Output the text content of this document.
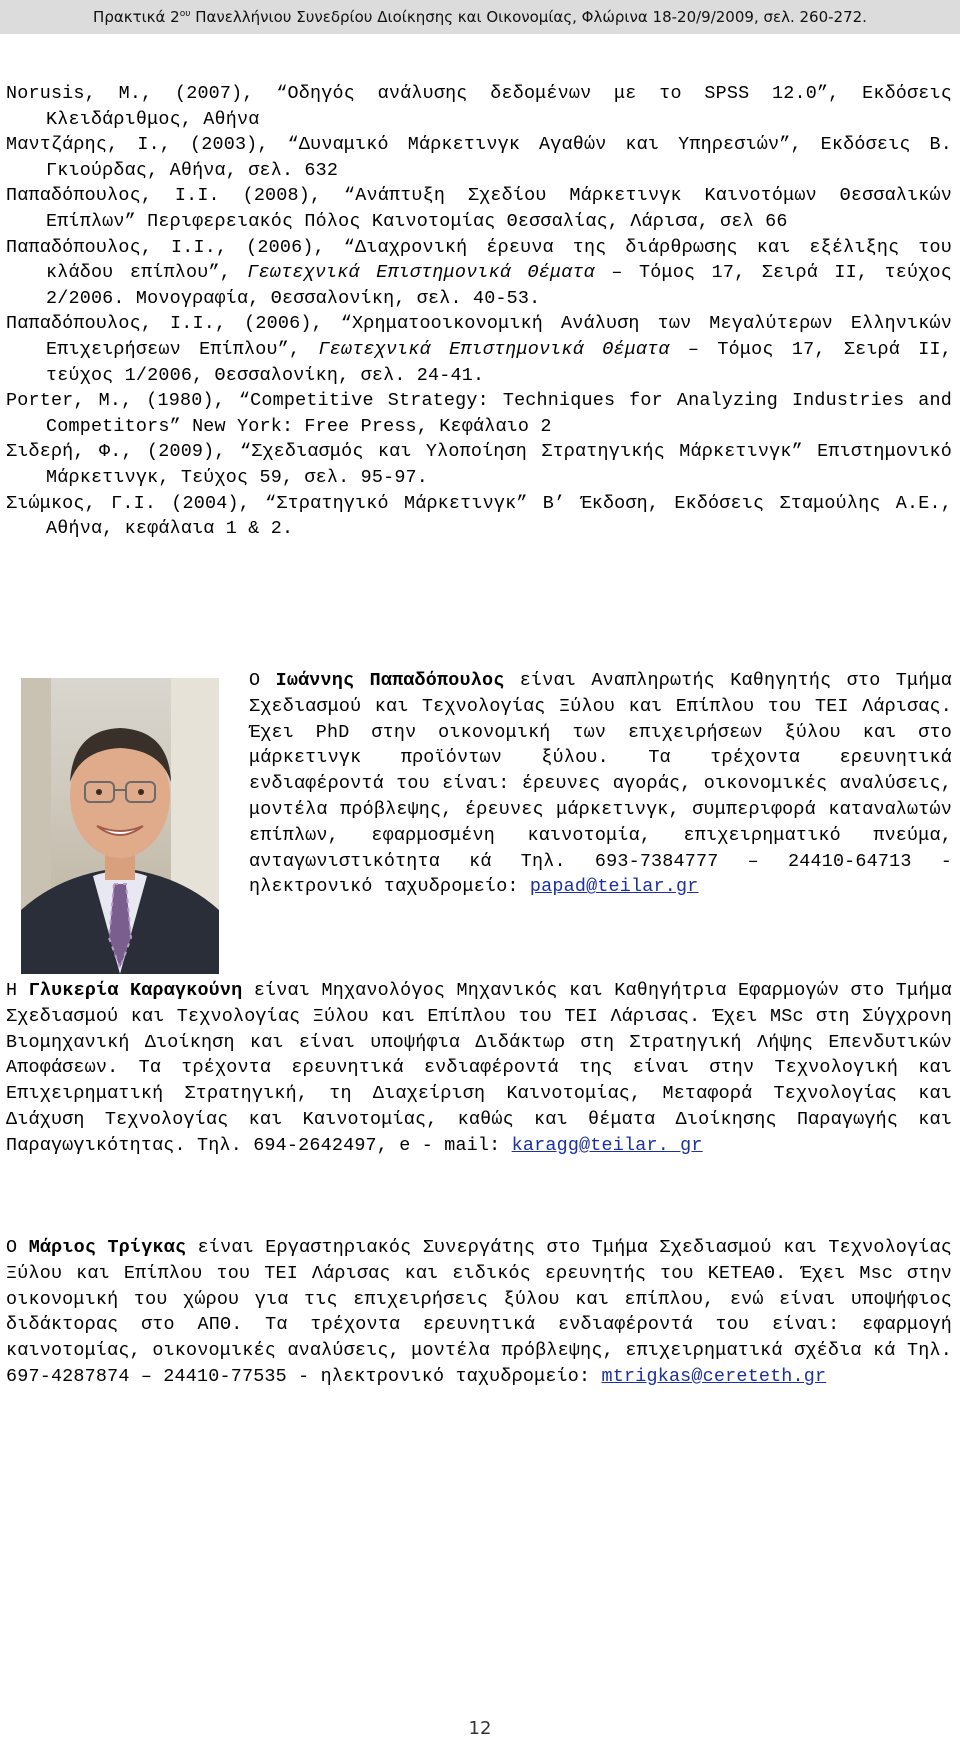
Πρακτικά $2^{o\upsilon}$ Πανελλήνιου Συνεδρίου Διοίκησης και Οικονομίας, Φλώρινα 18-20/9/2009, σελ. 260-272.
Norusis, M., (2007), “Οδηγός ανάλυσης δεδομένων με το SPSS 12.0”, Εκδόσεις Κλειδάριθμος, Αθήνα
Μαντζάρης, Ι., (2003), “Δυναμικό Μάρκετινγκ Αγαθών και Υπηρεσιών”, Εκδόσεις Β. Γκιούρδας, Αθήνα, σελ. 632
Παπαδόπουλος, Ι.Ι. (2008), “Ανάπτυξη Σχεδίου Μάρκετινγκ Καινοτόμων Θεσσαλικών Επίπλων” Περιφερειακός Πόλος Καινοτομίας Θεσσαλίας, Λάρισα, σελ 66
Παπαδόπουλος, Ι.Ι., (2006), “Διαχρονική έρευνα της διάρθρωσης και εξέλιξης του κλάδου επίπλου”, Γεωτεχνικά Επιστημονικά Θέματα – Τόμος 17, Σειρά ΙΙ, τεύχος 2/2006. Μονογραφία, Θεσσαλονίκη, σελ. 40-53.
Παπαδόπουλος, Ι.Ι., (2006), “Χρηματοοικονομική Ανάλυση των Μεγαλύτερων Ελληνικών Επιχειρήσεων Επίπλου”, Γεωτεχνικά Επιστημονικά Θέματα – Τόμος 17, Σειρά ΙΙ, τεύχος 1/2006, Θεσσαλονίκη, σελ. 24-41.
Porter, M., (1980), “Competitive Strategy: Techniques for Analyzing Industries and Competitors” New York: Free Press, Κεφάλαιο 2
Σιδερή, Φ., (2009), “Σχεδιασμός και Υλοποίηση Στρατηγικής Μάρκετινγκ” Επιστημονικό Μάρκετινγκ, Τεύχος 59, σελ. 95-97.
Σιώμκος, Γ.Ι. (2004), “Στρατηγικό Μάρκετινγκ” Β’ Έκδοση, Εκδόσεις Σταμούλης Α.Ε., Αθήνα, κεφάλαια 1 & 2.
Ο Ιωάννης Παπαδόπουλος είναι Αναπληρωτής Καθηγητής στο Τμήμα Σχεδιασμού και Τεχνολογίας Ξύλου και Επίπλου του ΤΕΙ Λάρισας. Έχει PhD στην οικονομική των επιχειρήσεων ξύλου και στο μάρκετινγκ προϊόντων ξύλου. Τα τρέχοντα ερευνητικά ενδιαφέροντά του είναι: έρευνες αγοράς, οικονομικές αναλύσεις, μοντέλα πρόβλεψης, έρευνες μάρκετινγκ, συμπεριφορά καταναλωτών επίπλων, εφαρμοσμένη καινοτομία, επιχειρηματικό πνεύμα, ανταγωνιστικότητα κά Τηλ. 693-7384777 – 24410-64713 - ηλεκτρονικό ταχυδρομείο: papad@teilar.gr
Η Γλυκερία Καραγκούνη είναι Μηχανολόγος Μηχανικός και Καθηγήτρια Εφαρμογών στο Τμήμα Σχεδιασμού και Τεχνολογίας Ξύλου και Επίπλου του ΤΕΙ Λάρισας. Έχει MSc στη Σύγχρονη Βιομηχανική Διοίκηση και είναι υποψήφια Διδάκτωρ στη Στρατηγική Λήψης Επενδυτικών Αποφάσεων. Τα τρέχοντα ερευνητικά ενδιαφέροντά της είναι στην Τεχνολογική και Επιχειρηματική Στρατηγική, τη Διαχείριση Καινοτομίας, Μεταφορά Τεχνολογίας και Διάχυση Τεχνολογίας και Καινοτομίας, καθώς και θέματα Διοίκησης Παραγωγής και Παραγωγικότητας. Τηλ. 694-2642497, e - mail: karagg@teilar. gr
Ο Μάριος Τρίγκας είναι Εργαστηριακός Συνεργάτης στο Τμήμα Σχεδιασμού και Τεχνολογίας Ξύλου και Επίπλου του ΤΕΙ Λάρισας και ειδικός ερευνητής του ΚΕΤΕΑΘ. Έχει Msc στην οικονομική του χώρου για τις επιχειρήσεις ξύλου και επίπλου, ενώ είναι υποψήφιος διδάκτορας στο ΑΠΘ. Τα τρέχοντα ερευνητικά ενδιαφέροντά του είναι: εφαρμογή καινοτομίας, οικονομικές αναλύσεις, μοντέλα πρόβλεψης, επιχειρηματικά σχέδια κά Τηλ. 697-4287874 – 24410-77535 - ηλεκτρονικό ταχυδρομείο: mtrigkas@cereteth.gr
12
